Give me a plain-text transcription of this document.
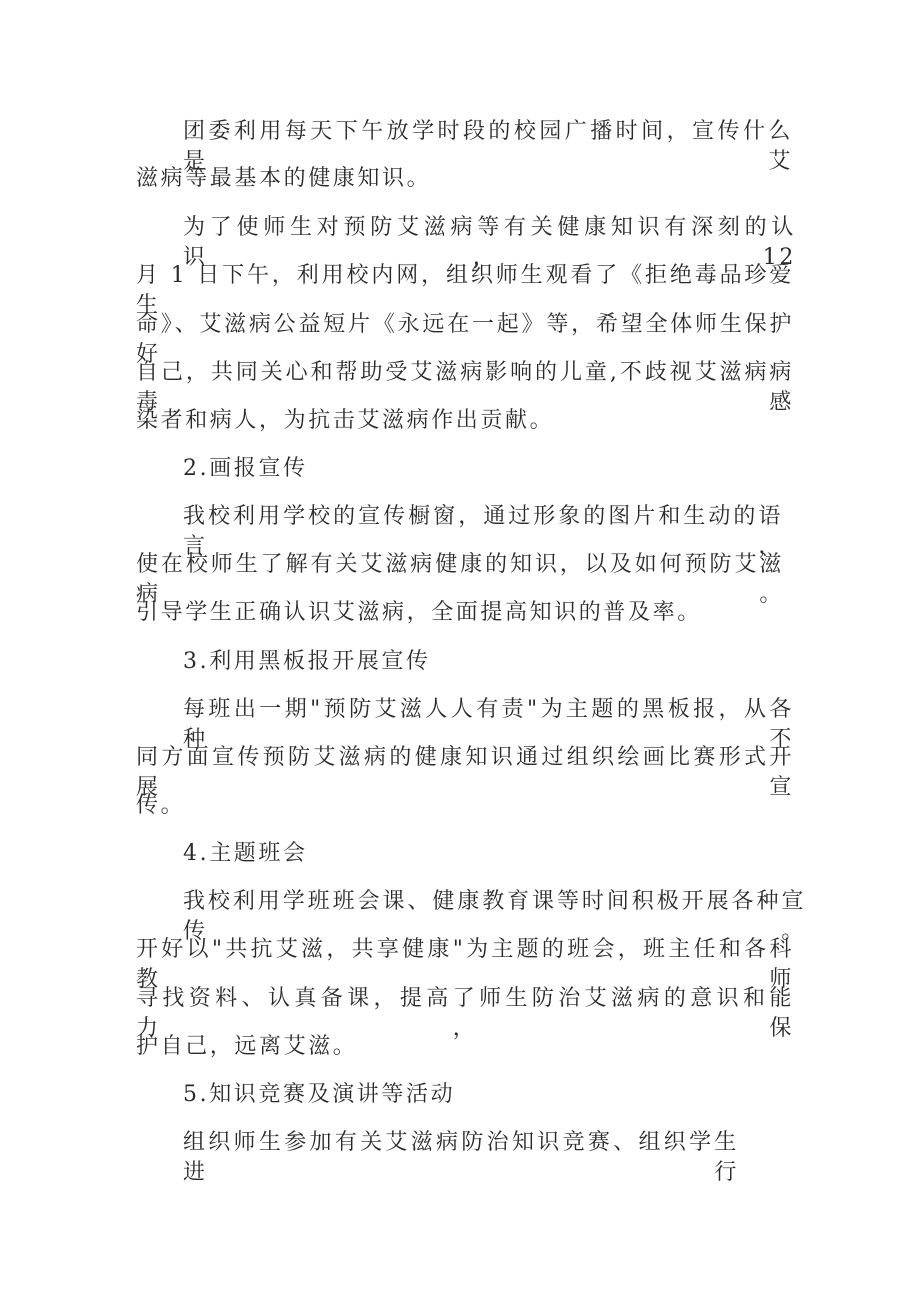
团委利用每天下午放学时段的校园广播时间，宣传什么是艾
滋病等最基本的健康知识。
为了使师生对预防艾滋病等有关健康知识有深刻的认识，12
月 1 日下午，利用校内网，组织师生观看了《拒绝毒品珍爱生
命》、艾滋病公益短片《永远在一起》等，希望全体师生保护好
自己，共同关心和帮助受艾滋病影响的儿童,不歧视艾滋病病毒感
染者和病人，为抗击艾滋病作出贡献。
2.画报宣传
我校利用学校的宣传橱窗，通过形象的图片和生动的语言，
使在校师生了解有关艾滋病健康的知识，以及如何预防艾滋病。
引导学生正确认识艾滋病，全面提高知识的普及率。
3.利用黑板报开展宣传
每班出一期"预防艾滋人人有责"为主题的黑板报，从各种不
同方面宣传预防艾滋病的健康知识通过组织绘画比赛形式开展宣
传。
4.主题班会
我校利用学班班会课、健康教育课等时间积极开展各种宣传。
开好以"共抗艾滋，共享健康"为主题的班会，班主任和各科教师
寻找资料、认真备课，提高了师生防治艾滋病的意识和能力，保
护自己，远离艾滋。
5.知识竞赛及演讲等活动
组织师生参加有关艾滋病防治知识竞赛、组织学生进行
